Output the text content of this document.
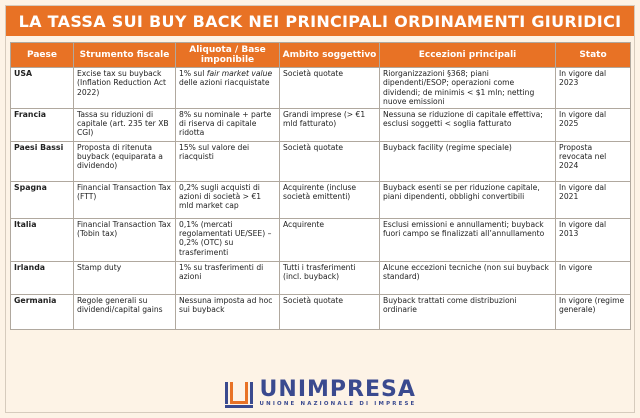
LA TASSA SUI BUY BACK NEI PRINCIPALI ORDINAMENTI GIURIDICI
Paese	Strumento fiscale	Aliquota / Base imponibile	Ambito soggettivo	Eccezioni principali	Stato
USA	Excise tax su buyback (Inflation Reduction Act 2022)	1% sul fair market value delle azioni riacquistate	Società quotate	Riorganizzazioni §368; piani dipendenti/ESOP; operazioni come dividendi; de minimis < $1 mln; netting nuove emissioni	In vigore dal 2023
Francia	Tassa su riduzioni di capitale (art. 235 ter XB CGI)	8% su nominale + parte di riserva di capitale ridotta	Grandi imprese (> €1 mld fatturato)	Nessuna se riduzione di capitale effettiva; esclusi soggetti < soglia fatturato	In vigore dal 2025
Paesi Bassi	Proposta di ritenuta buyback (equiparata a dividendo)	15% sul valore dei riacquisti	Società quotate	Buyback facility (regime speciale)	Proposta revocata nel 2024
Spagna	Financial Transaction Tax (FTT)	0,2% sugli acquisti di azioni di società > €1 mld market cap	Acquirente (incluse società emittenti)	Buyback esenti se per riduzione capitale, piani dipendenti, obblighi convertibili	In vigore dal 2021
Italia	Financial Transaction Tax (Tobin tax)	0,1% (mercati regolamentati UE/SEE) – 0,2% (OTC) su trasferimenti	Acquirente	Esclusi emissioni e annullamenti; buyback fuori campo se finalizzati all’annullamento	In vigore dal 2013
Irlanda	Stamp duty	1% su trasferimenti di azioni	Tutti i trasferimenti (incl. buyback)	Alcune eccezioni tecniche (non sui buyback standard)	In vigore
Germania	Regole generali su dividendi/capital gains	Nessuna imposta ad hoc sui buyback	Società quotate	Buyback trattati come distribuzioni ordinarie	In vigore (regime generale)
UNIMPRESA
UNIONE NAZIONALE DI IMPRESE
